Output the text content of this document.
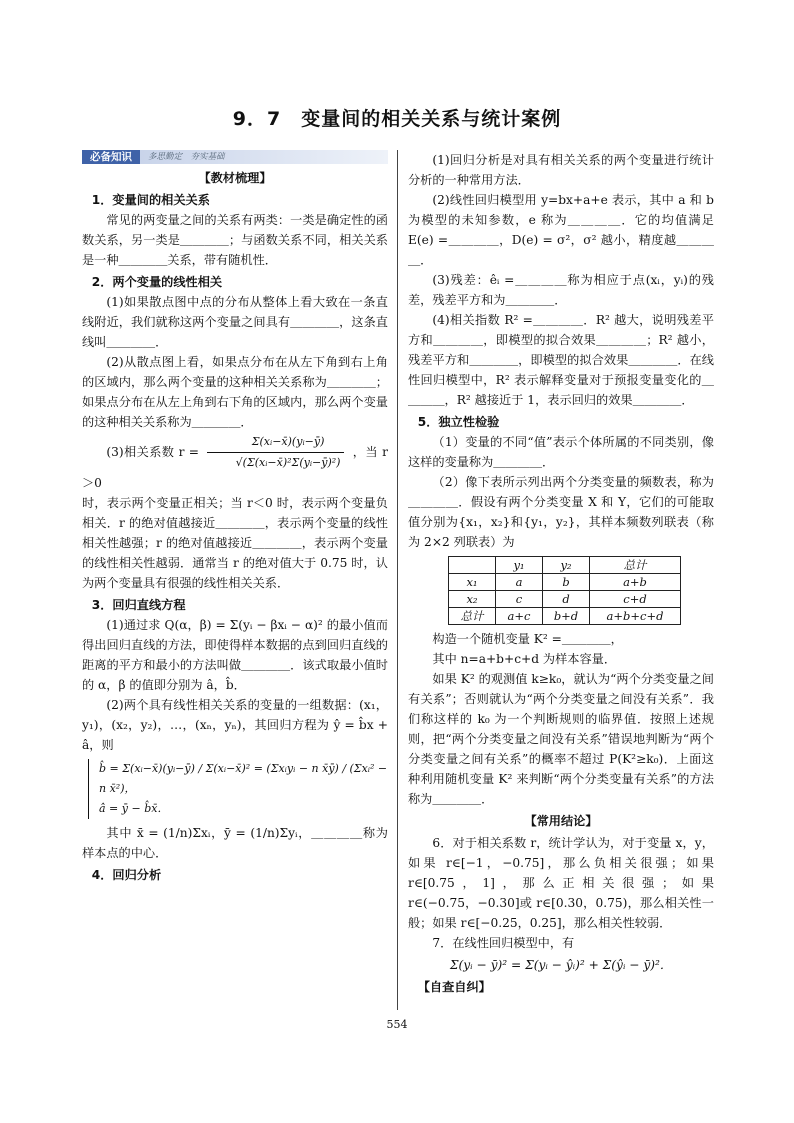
9．7　变量间的相关关系与统计案例
必备知识	多思勤定　夯实基础
【教材梳理】
1．变量间的相关关系

常见的两变量之间的关系有两类：一类是确定性的函数关系，另一类是＿＿＿＿；与函数关系不同，相关关系是一种＿＿＿＿关系，带有随机性．

2．两个变量的线性相关

(1)如果散点图中点的分布从整体上看大致在一条直线附近，我们就称这两个变量之间具有＿＿＿＿，这条直线叫＿＿＿＿．

(2)从散点图上看，如果点分布在从左下角到右上角的区域内，那么两个变量的这种相关关系称为＿＿＿＿；如果点分布在从左上角到右下角的区域内，那么两个变量的这种相关关系称为＿＿＿＿．

(3)相关系数 $r = \frac{\text{Σ(xᵢ−x̄)(yᵢ−ȳ)}}{\text{√(Σ(xᵢ−x̄)²Σ(yᵢ−ȳ)²)}}$ ，当 r＞0

时，表示两个变量正相关；当 r＜0 时，表示两个变量负相关．r 的绝对值越接近＿＿＿＿，表示两个变量的线性相关性越强；r 的绝对值越接近＿＿＿＿，表示两个变量的线性相关性越弱．通常当 r 的绝对值大于 0.75 时，认为两个变量具有很强的线性相关关系．

3．回归直线方程

(1)通过求 Q(α，β) = Σ(yᵢ − βxᵢ − α)² 的最小值而得出回归直线的方法，即使得样本数据的点到回归直线的距离的平方和最小的方法叫做＿＿＿＿．该式取最小值时的 α，β 的值即分别为 â，b̂．

(2)两个具有线性相关关系的变量的一组数据：(x₁，y₁)，(x₂，y₂)，…，(xₙ，yₙ)，其回归方程为 ŷ = b̂x + â，则

b̂ = Σ(xᵢ−x̄)(yᵢ−ȳ) / Σ(xᵢ−x̄)² = (Σxᵢyᵢ − n x̄ȳ) / (Σxᵢ² − n x̄²)，
â = ȳ − b̂x̄．

其中 x̄ = (1/n)Σxᵢ，ȳ = (1/n)Σyᵢ，＿＿＿＿称为样本点的中心．

4．回归分析

(1)回归分析是对具有相关关系的两个变量进行统计分析的一种常用方法．

(2)线性回归模型用 y=bx+a+e 表示，其中 a 和 b 为模型的未知参数，e 称为＿＿＿＿．它的均值满足 E(e) =＿＿＿＿，D(e) = σ²，σ² 越小，精度越＿＿＿＿．

(3)残差：êᵢ =＿＿＿＿称为相应于点(xᵢ，yᵢ)的残差，残差平方和为＿＿＿＿．

(4)相关指数 R² =＿＿＿＿．R² 越大，说明残差平方和＿＿＿＿，即模型的拟合效果＿＿＿＿；R² 越小，残差平方和＿＿＿＿，即模型的拟合效果＿＿＿＿．在线性回归模型中，R² 表示解释变量对于预报变量变化的＿＿＿＿，R² 越接近于 1，表示回归的效果＿＿＿＿．

5．独立性检验

（1）变量的不同“值”表示个体所属的不同类别，像这样的变量称为＿＿＿＿．

（2）像下表所示列出两个分类变量的频数表，称为＿＿＿＿．假设有两个分类变量 X 和 Y，它们的可能取值分别为{x₁，x₂}和{y₁，y₂}，其样本频数列联表（称为 2×2 列联表）为

	y₁	y₂	总计
x₁	a	b	a+b
x₂	c	d	c+d
总计	a+c	b+d	a+b+c+d

构造一个随机变量 K² =＿＿＿＿，

其中 n=a+b+c+d 为样本容量．

如果 K² 的观测值 k≥k₀，就认为“两个分类变量之间有关系”；否则就认为“两个分类变量之间没有关系”．我们称这样的 k₀ 为一个判断规则的临界值．按照上述规则，把“两个分类变量之间没有关系”错误地判断为“两个分类变量之间有关系”的概率不超过 P(K²≥k₀)．上面这种利用随机变量 K² 来判断“两个分类变量有关系”的方法称为＿＿＿＿．

【常用结论】

6．对于相关系数 r，统计学认为，对于变量 x，y，如果 r∈[−1，−0.75]，那么负相关很强；如果 r∈[0.75，1]，那么正相关很强；如果 r∈(−0.75，−0.30]或 r∈[0.30，0.75)，那么相关性一般；如果 r∈[−0.25，0.25]，那么相关性较弱．

7．在线性回归模型中，有

Σ(yᵢ − ȳ)² = Σ(yᵢ − ŷᵢ)² + Σ(ŷᵢ − ȳ)²．
【自查自纠】
554
